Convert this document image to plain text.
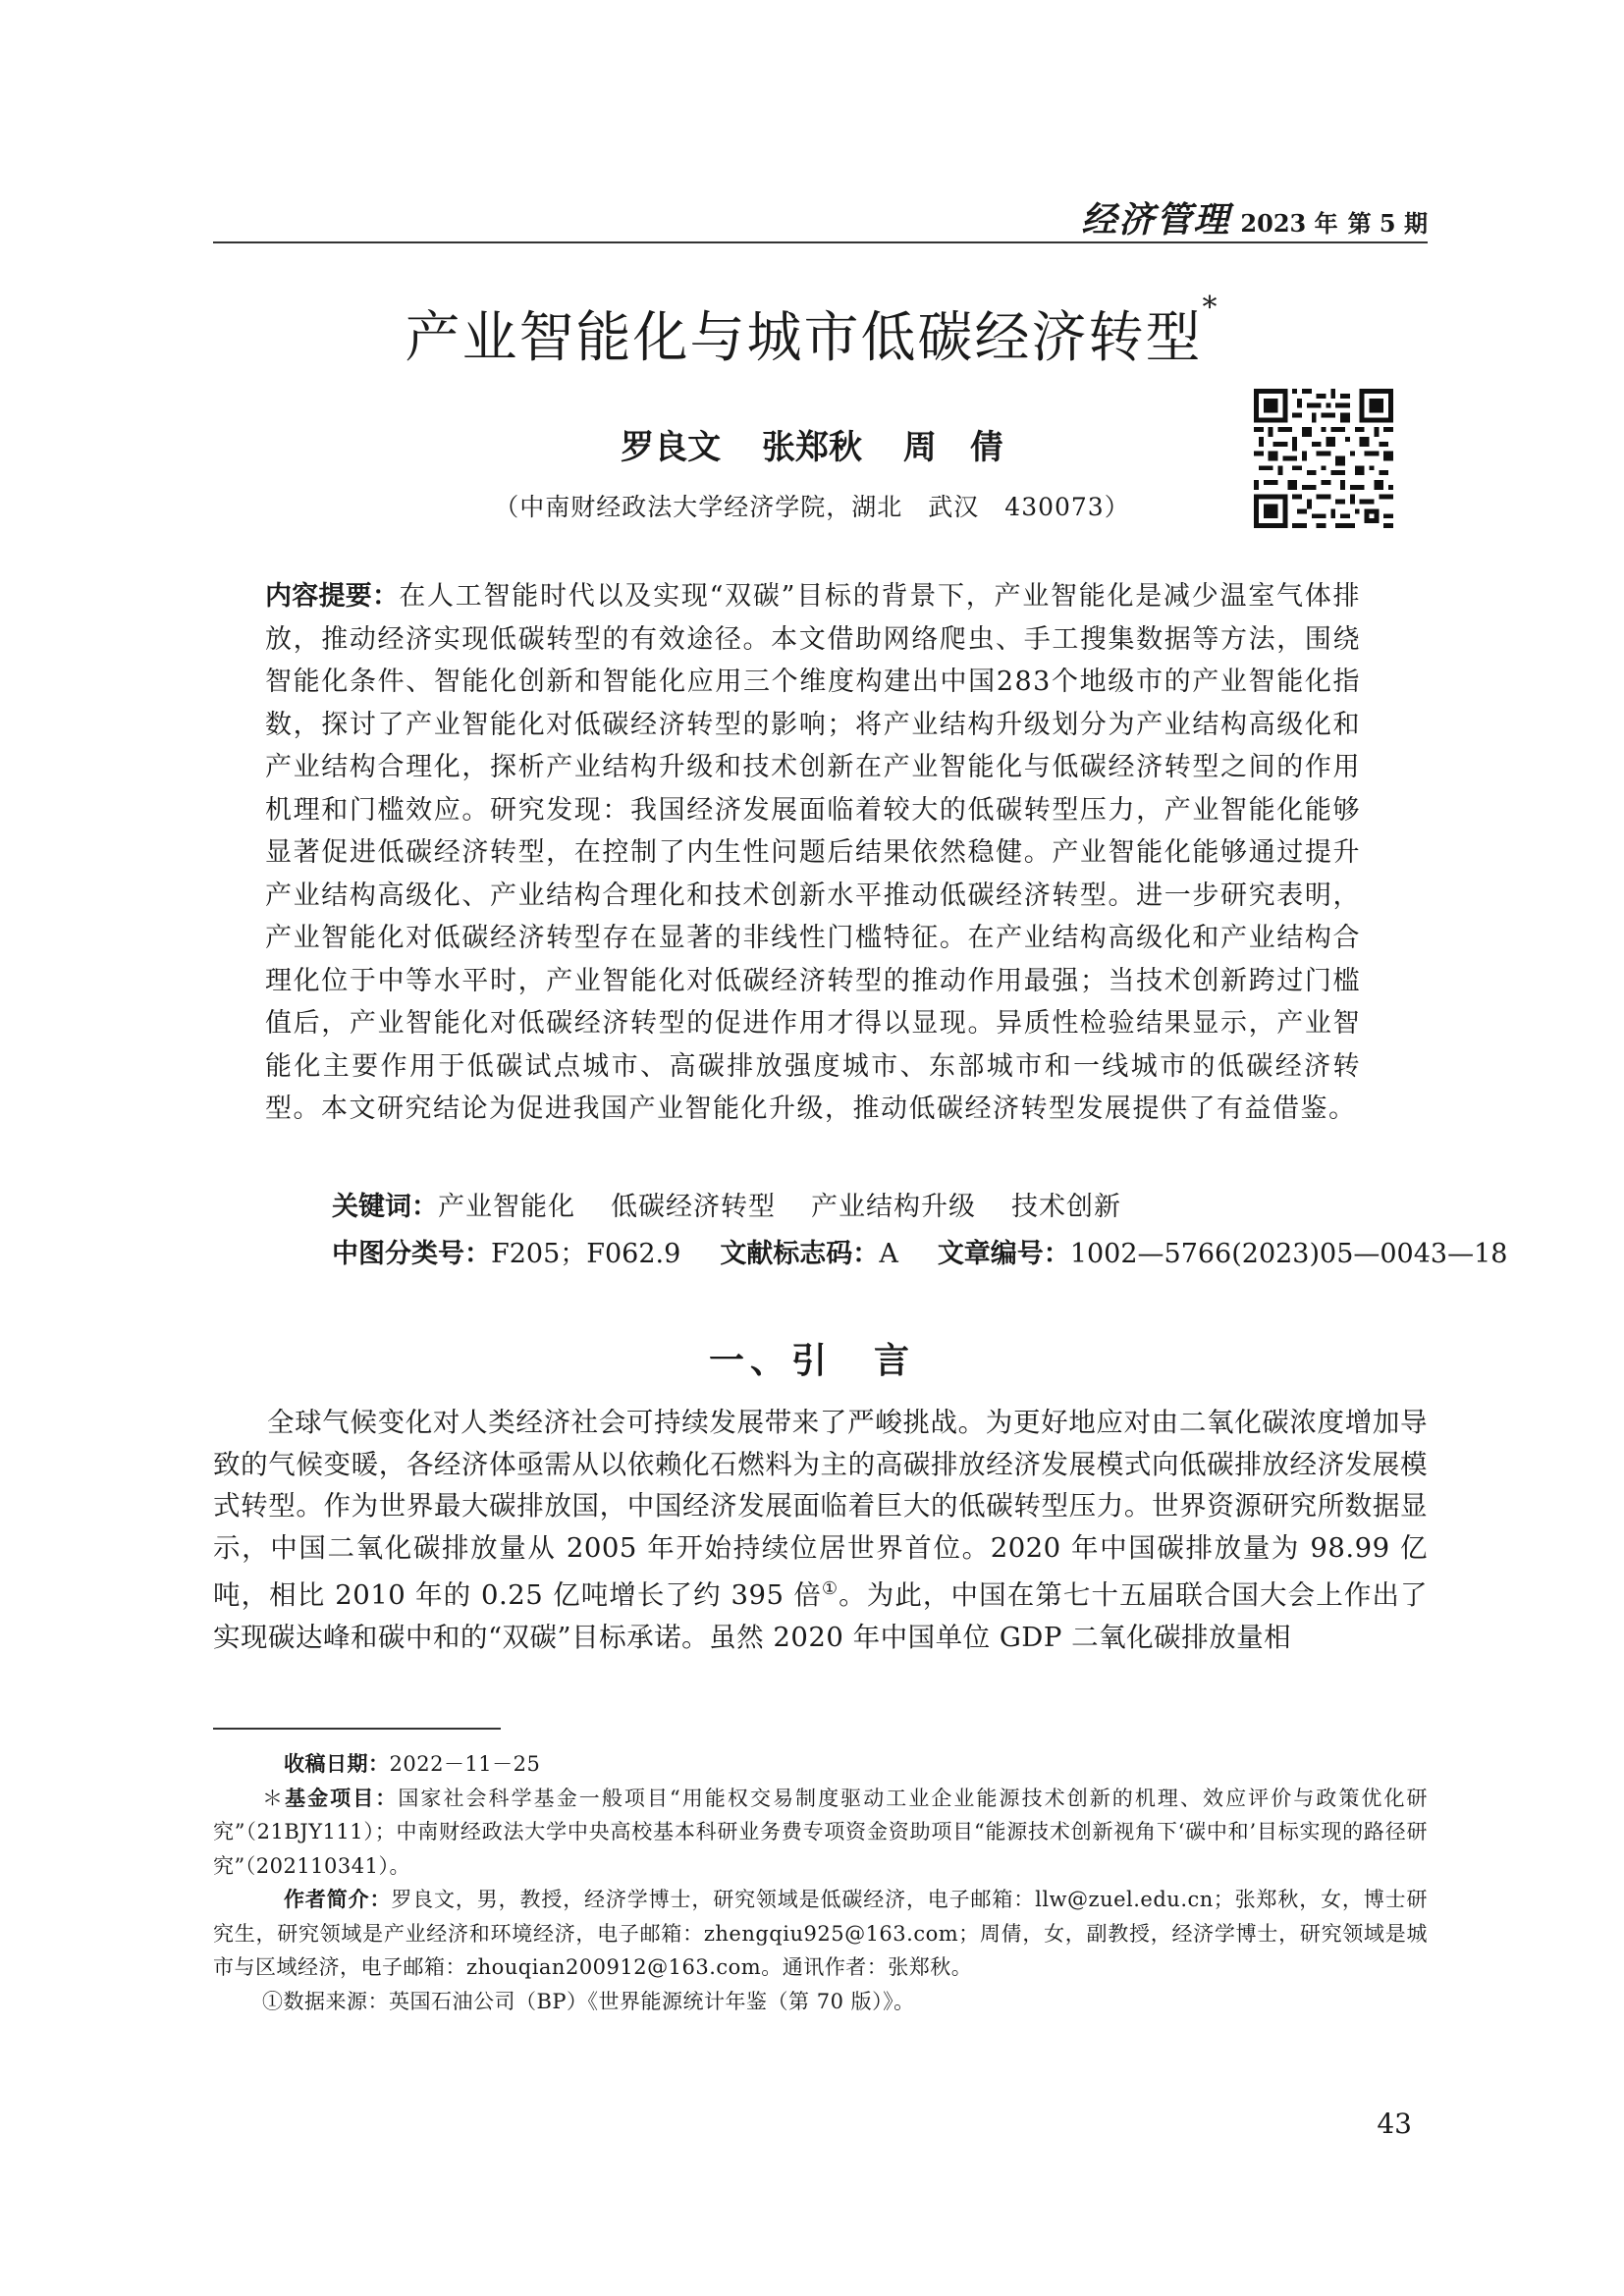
经济管理 2023 年 第 5 期
产业智能化与城市低碳经济转型*
罗良文 张郑秋 周　倩
（中南财经政法大学经济学院，湖北　武汉　430073）
内容提要：在人工智能时代以及实现“双碳”目标的背景下，产业智能化是减少温室气体排放，推动经济实现低碳转型的有效途径。本文借助网络爬虫、手工搜集数据等方法，围绕智能化条件、智能化创新和智能化应用三个维度构建出中国283个地级市的产业智能化指数，探讨了产业智能化对低碳经济转型的影响；将产业结构升级划分为产业结构高级化和产业结构合理化，探析产业结构升级和技术创新在产业智能化与低碳经济转型之间的作用机理和门槛效应。研究发现：我国经济发展面临着较大的低碳转型压力，产业智能化能够显著促进低碳经济转型，在控制了内生性问题后结果依然稳健。产业智能化能够通过提升产业结构高级化、产业结构合理化和技术创新水平推动低碳经济转型。进一步研究表明，产业智能化对低碳经济转型存在显著的非线性门槛特征。在产业结构高级化和产业结构合理化位于中等水平时，产业智能化对低碳经济转型的推动作用最强；当技术创新跨过门槛值后，产业智能化对低碳经济转型的促进作用才得以显现。异质性检验结果显示，产业智能化主要作用于低碳试点城市、高碳排放强度城市、东部城市和一线城市的低碳经济转型。本文研究结论为促进我国产业智能化升级，推动低碳经济转型发展提供了有益借鉴。
关键词：产业智能化 低碳经济转型 产业结构升级 技术创新
中图分类号：F205；F062.9 文献标志码：A 文章编号：1002—5766(2023)05—0043—18
一、引　言
全球气候变化对人类经济社会可持续发展带来了严峻挑战。为更好地应对由二氧化碳浓度增加导致的气候变暖，各经济体亟需从以依赖化石燃料为主的高碳排放经济发展模式向低碳排放经济发展模式转型。作为世界最大碳排放国，中国经济发展面临着巨大的低碳转型压力。世界资源研究所数据显示，中国二氧化碳排放量从 2005 年开始持续位居世界首位。2020 年中国碳排放量为 98.99 亿吨，相比 2010 年的 0.25 亿吨增长了约 395 倍①。为此，中国在第七十五届联合国大会上作出了实现碳达峰和碳中和的“双碳”目标承诺。虽然 2020 年中国单位 GDP 二氧化碳排放量相

收稿日期：2022－11－25

＊基金项目：国家社会科学基金一般项目“用能权交易制度驱动工业企业能源技术创新的机理、效应评价与政策优化研究”（21BJY111）；中南财经政法大学中央高校基本科研业务费专项资金资助项目“能源技术创新视角下‘碳中和’目标实现的路径研究”（202110341）。

作者简介：罗良文，男，教授，经济学博士，研究领域是低碳经济，电子邮箱：llw@zuel.edu.cn；张郑秋，女，博士研究生，研究领域是产业经济和环境经济，电子邮箱：zhengqiu925@163.com；周倩，女，副教授，经济学博士，研究领域是城市与区域经济，电子邮箱：zhouqian200912@163.com。通讯作者：张郑秋。

①数据来源：英国石油公司（BP）《世界能源统计年鉴（第 70 版）》。

43
